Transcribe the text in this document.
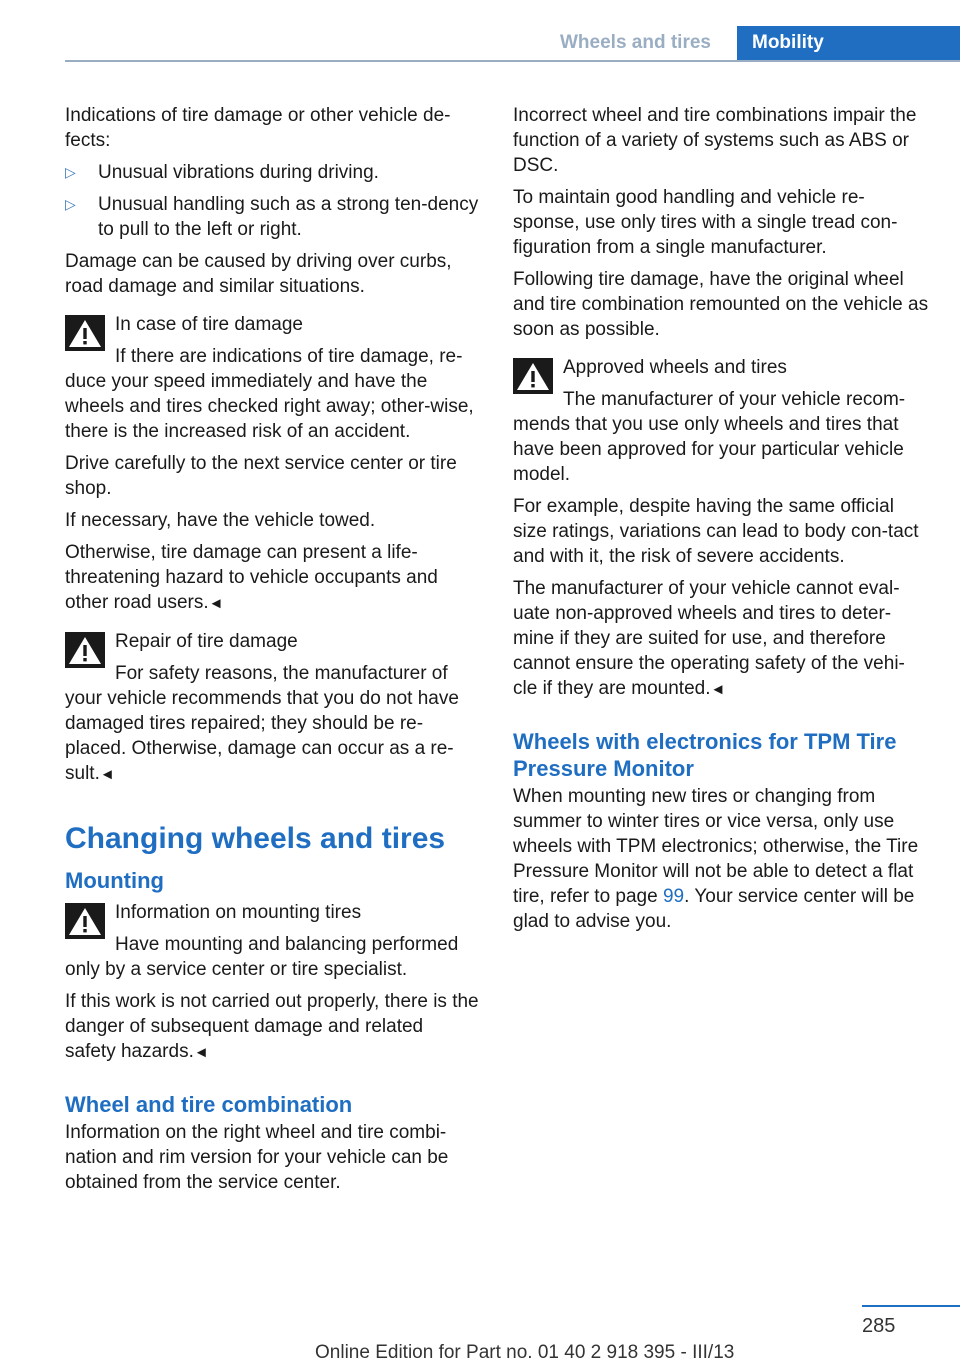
Wheels and tires	Mobility

Indications of tire damage or other vehicle de‐fects:

▷ Unusual vibrations during driving.
▷ Unusual handling such as a strong ten‐dency to pull to the left or right.

Damage can be caused by driving over curbs, road damage and similar situations.

In case of tire damage

If there are indications of tire damage, re‐duce your speed immediately and have the wheels and tires checked right away; other‐wise, there is the increased risk of an accident.

Drive carefully to the next service center or tire shop.

If necessary, have the vehicle towed.

Otherwise, tire damage can present a life-threatening hazard to vehicle occupants and other road users.◄

Repair of tire damage

For safety reasons, the manufacturer of your vehicle recommends that you do not have damaged tires repaired; they should be re‐placed. Otherwise, damage can occur as a re‐sult.◄

Changing wheels and tires
Mounting
Information on mounting tires

Have mounting and balancing performed only by a service center or tire specialist.

If this work is not carried out properly, there is the danger of subsequent damage and related safety hazards.◄

Wheel and tire combination

Information on the right wheel and tire combi‐nation and rim version for your vehicle can be obtained from the service center.

Incorrect wheel and tire combinations impair the function of a variety of systems such as ABS or DSC.

To maintain good handling and vehicle re‐sponse, use only tires with a single tread con‐figuration from a single manufacturer.

Following tire damage, have the original wheel and tire combination remounted on the vehicle as soon as possible.

Approved wheels and tires

The manufacturer of your vehicle recom‐mends that you use only wheels and tires that have been approved for your particular vehicle model.

For example, despite having the same official size ratings, variations can lead to body con‐tact and with it, the risk of severe accidents.

The manufacturer of your vehicle cannot eval‐uate non-approved wheels and tires to deter‐mine if they are suited for use, and therefore cannot ensure the operating safety of the vehi‐cle if they are mounted.◄

Wheels with electronics for TPM Tire Pressure Monitor

When mounting new tires or changing from summer to winter tires or vice versa, only use wheels with TPM electronics; otherwise, the Tire Pressure Monitor will not be able to detect a flat tire, refer to page 99. Your service center will be glad to advise you.

285
Online Edition for Part no. 01 40 2 918 395 - III/13
